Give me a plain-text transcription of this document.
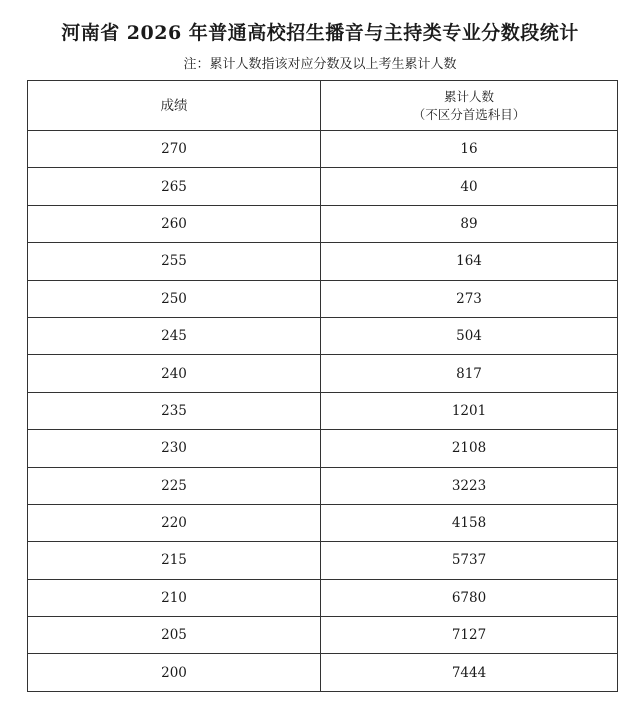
河南省 2026 年普通高校招生播音与主持类专业分数段统计
注：累计人数指该对应分数及以上考生累计人数
成绩	累计人数
（不区分首选科目）

270	16
265	40
260	89
255	164
250	273
245	504
240	817
235	1201
230	2108
225	3223
220	4158
215	5737
210	6780
205	7127
200	7444
